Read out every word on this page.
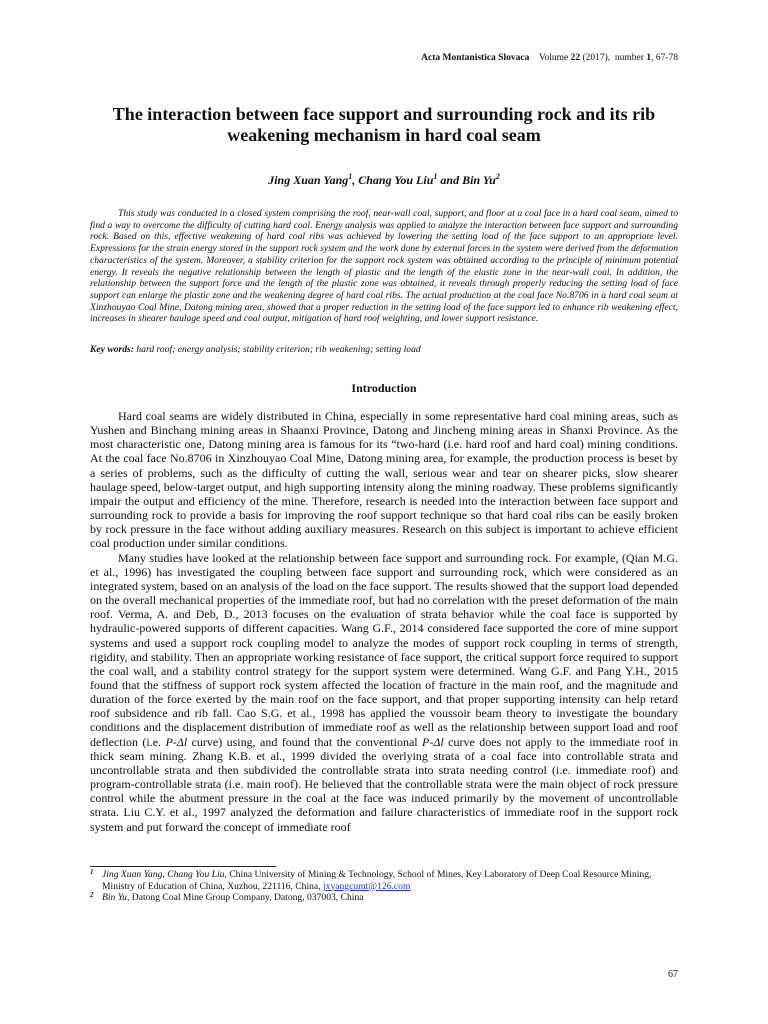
Acta Montanistica Slovaca Volume 22 (2017), number 1, 67-78
The interaction between face support and surrounding rock and its rib weakening mechanism in hard coal seam
Jing Xuan Yang$^1$, Chang You Liu$^1$ and Bin Yu$^2$
This study was conducted in a closed system comprising the roof, near-wall coal, support, and floor at a coal face in a hard coal seam, aimed to find a way to overcome the difficulty of cutting hard coal. Energy analysis was applied to analyze the interaction between face support and surrounding rock. Based on this, effective weakening of hard coal ribs was achieved by lowering the setting load of the face support to an appropriate level. Expressions for the strain energy stored in the support rock system and the work done by external forces in the system were derived from the deformation characteristics of the system. Moreover, a stability criterion for the support rock system was obtained according to the principle of minimum potential energy. It reveals the negative relationship between the length of plastic and the length of the elastic zone in the near-wall coal. In addition, the relationship between the support force and the length of the plastic zone was obtained, it reveals through properly reducing the setting load of face support can enlarge the plastic zone and the weakening degree of hard coal ribs. The actual production at the coal face No.8706 in a hard coal seam at Xinzhouyao Coal Mine, Datong mining area, showed that a proper reduction in the setting load of the face support led to enhance rib weakening effect, increases in shearer haulage speed and coal output, mitigation of hard roof weighting, and lower support resistance.
Key words: hard roof; energy analysis; stability criterion; rib weakening; setting load
Introduction

Hard coal seams are widely distributed in China, especially in some representative hard coal mining areas, such as Yushen and Binchang mining areas in Shaanxi Province, Datong and Jincheng mining areas in Shanxi Province. As the most characteristic one, Datong mining area is famous for its “two-hard (i.e. hard roof and hard coal) mining conditions. At the coal face No.8706 in Xinzhouyao Coal Mine, Datong mining area, for example, the production process is beset by a series of problems, such as the difficulty of cutting the wall, serious wear and tear on shearer picks, slow shearer haulage speed, below-target output, and high supporting intensity along the mining roadway. These problems significantly impair the output and efficiency of the mine. Therefore, research is needed into the interaction between face support and surrounding rock to provide a basis for improving the roof support technique so that hard coal ribs can be easily broken by rock pressure in the face without adding auxiliary measures. Research on this subject is important to achieve efficient coal production under similar conditions.

Many studies have looked at the relationship between face support and surrounding rock. For example, (Qian M.G. et al., 1996) has investigated the coupling between face support and surrounding rock, which were considered as an integrated system, based on an analysis of the load on the face support. The results showed that the support load depended on the overall mechanical properties of the immediate roof, but had no correlation with the preset deformation of the main roof. Verma, A. and Deb, D., 2013 focuses on the evaluation of strata behavior while the coal face is supported by hydraulic-powered supports of different capacities. Wang G.F., 2014 considered face supported the core of mine support systems and used a support rock coupling model to analyze the modes of support rock coupling in terms of strength, rigidity, and stability. Then an appropriate working resistance of face support, the critical support force required to support the coal wall, and a stability control strategy for the support system were determined. Wang G.F. and Pang Y.H., 2015 found that the stiffness of support rock system affected the location of fracture in the main roof, and the magnitude and duration of the force exerted by the main roof on the face support, and that proper supporting intensity can help retard roof subsidence and rib fall. Cao S.G. et al., 1998 has applied the voussoir beam theory to investigate the boundary conditions and the displacement distribution of immediate roof as well as the relationship between support load and roof deflection (i.e. P-Δl curve) using, and found that the conventional P-Δl curve does not apply to the immediate roof in thick seam mining. Zhang K.B. et al., 1999 divided the overlying strata of a coal face into controllable strata and uncontrollable strata and then subdivided the controllable strata into strata needing control (i.e. immediate roof) and program-controllable strata (i.e. main roof). He believed that the controllable strata were the main object of rock pressure control while the abutment pressure in the coal at the face was induced primarily by the movement of uncontrollable strata. Liu C.Y. et al., 1997 analyzed the deformation and failure characteristics of immediate roof in the support rock system and put forward the concept of immediate roof

1 Jing Xuan Yang, Chang You Liu, China University of Mining & Technology, School of Mines, Key Laboratory of Deep Coal Resource Mining, Ministry of Education of China, Xuzhou, 221116, China, jxyangcumt@126.com
2 Bin Yu, Datong Coal Mine Group Company, Datong, 037003, China
67
